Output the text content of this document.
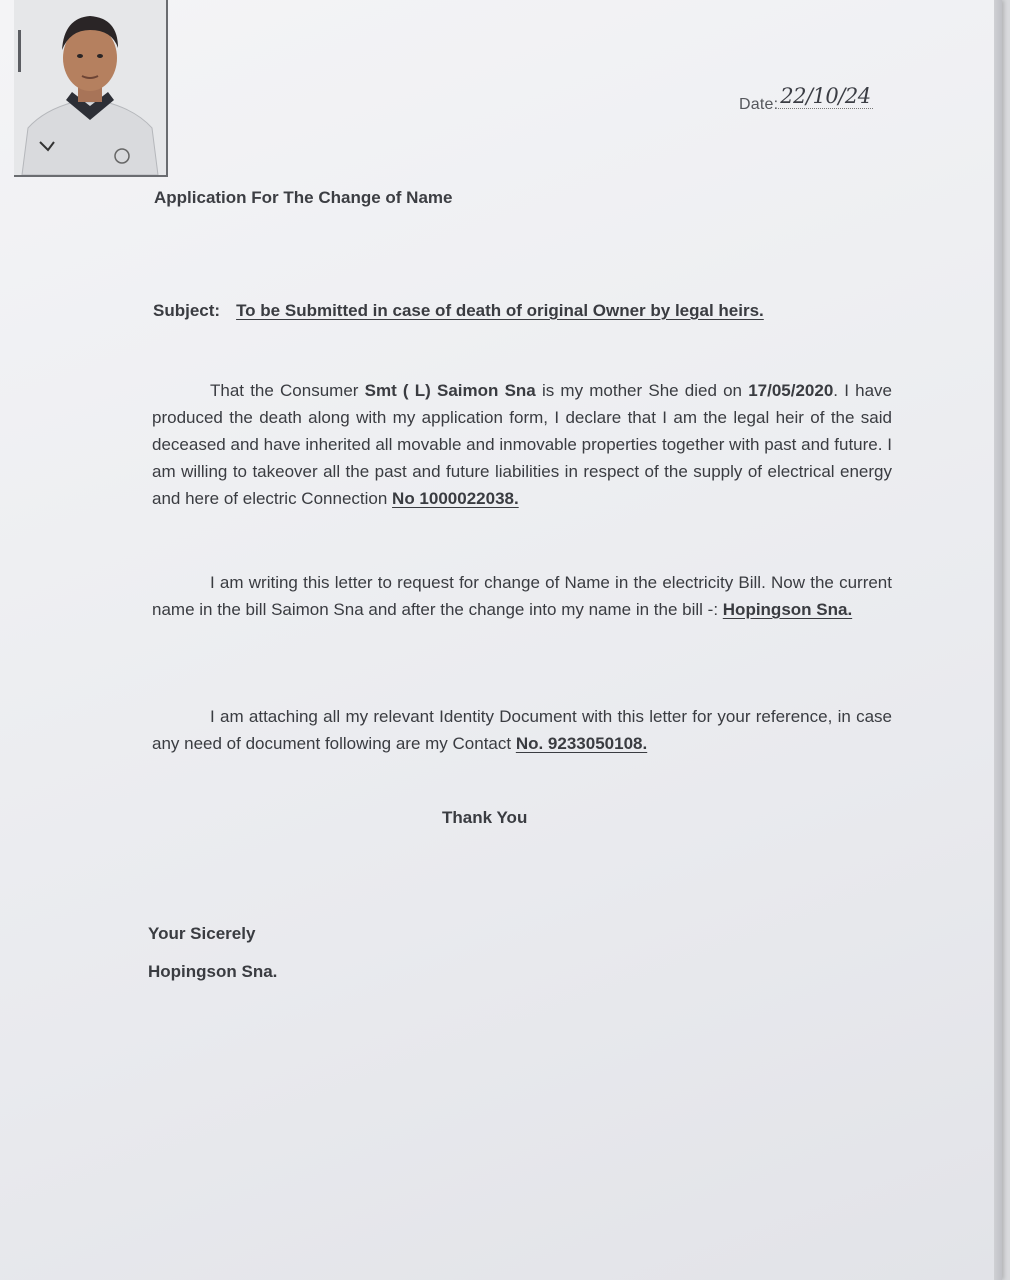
Date:22/10/24
Application For The Change of Name
Subject: To be Submitted in case of death of original Owner by legal heirs.
That the Consumer Smt ( L) Saimon Sna is my mother She died on 17/05/2020. I have produced the death along with my application form, I declare that I am the legal heir of the said deceased and have inherited all movable and inmovable properties together with past and future. I am willing to takeover all the past and future liabilities in respect of the supply of electrical energy and here of electric Connection No 1000022038.
I am writing this letter to request for change of Name in the electricity Bill. Now the current name in the bill Saimon Sna and after the change into my name in the bill -: Hopingson Sna.
I am attaching all my relevant Identity Document with this letter for your reference, in case any need of document following are my Contact No. 9233050108.
Thank You
Your Sicerely
Hopingson Sna.
